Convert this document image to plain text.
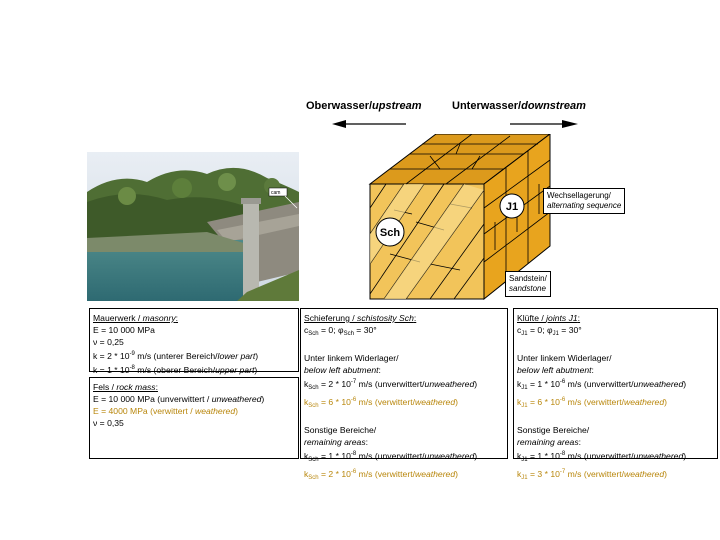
Oberwasser/upstream	Unterwasser/downstream
cam
Sch
J1
Wechsellagerung/
alternating sequence
Sandstein/
sandstone

Mauerwerk / masonry:

E = 10 000 MPa

ν = 0,25

$k = 2 * 10^{-9}$ m/s (unterer Bereich/lower part)

$k = 1 * 10^{-8}$ m/s (oberer Bereich/upper part)

Fels / rock mass:

E = 10 000 MPa (unverwittert / unweathered)

E = 4000 MPa (verwittert / weathered)

ν = 0,35

Schieferung / schistosity Sch:

$c_{Sch} = 0$; $\varphi_{Sch} = 30^\circ$

Unter linkem Widerlager/

below left abutment:

$k_{Sch} = 2 * 10^{-7}$ m/s (unverwittert/unweathered)

$k_{Sch} = 6 * 10^{-6}$ m/s (verwittert/weathered)

Sonstige Bereiche/

remaining areas:

$k_{Sch} = 1 * 10^{-8}$ m/s (unverwittert/unweathered)

$k_{Sch} = 2 * 10^{-6}$ m/s (verwittert/weathered)

Klüfte / joints J1:

$c_{J1} = 0$; $\varphi_{J1} = 30^\circ$

Unter linkem Widerlager/

below left abutment:

$k_{J1} = 1 * 10^{-6}$ m/s (unverwittert/unweathered)

$k_{J1} = 6 * 10^{-6}$ m/s (verwittert/weathered)

Sonstige Bereiche/

remaining areas:

$k_{J1} = 1 * 10^{-8}$ m/s (unverwittert/unweathered)

$k_{J1} = 3 * 10^{-7}$ m/s (verwittert/weathered)
